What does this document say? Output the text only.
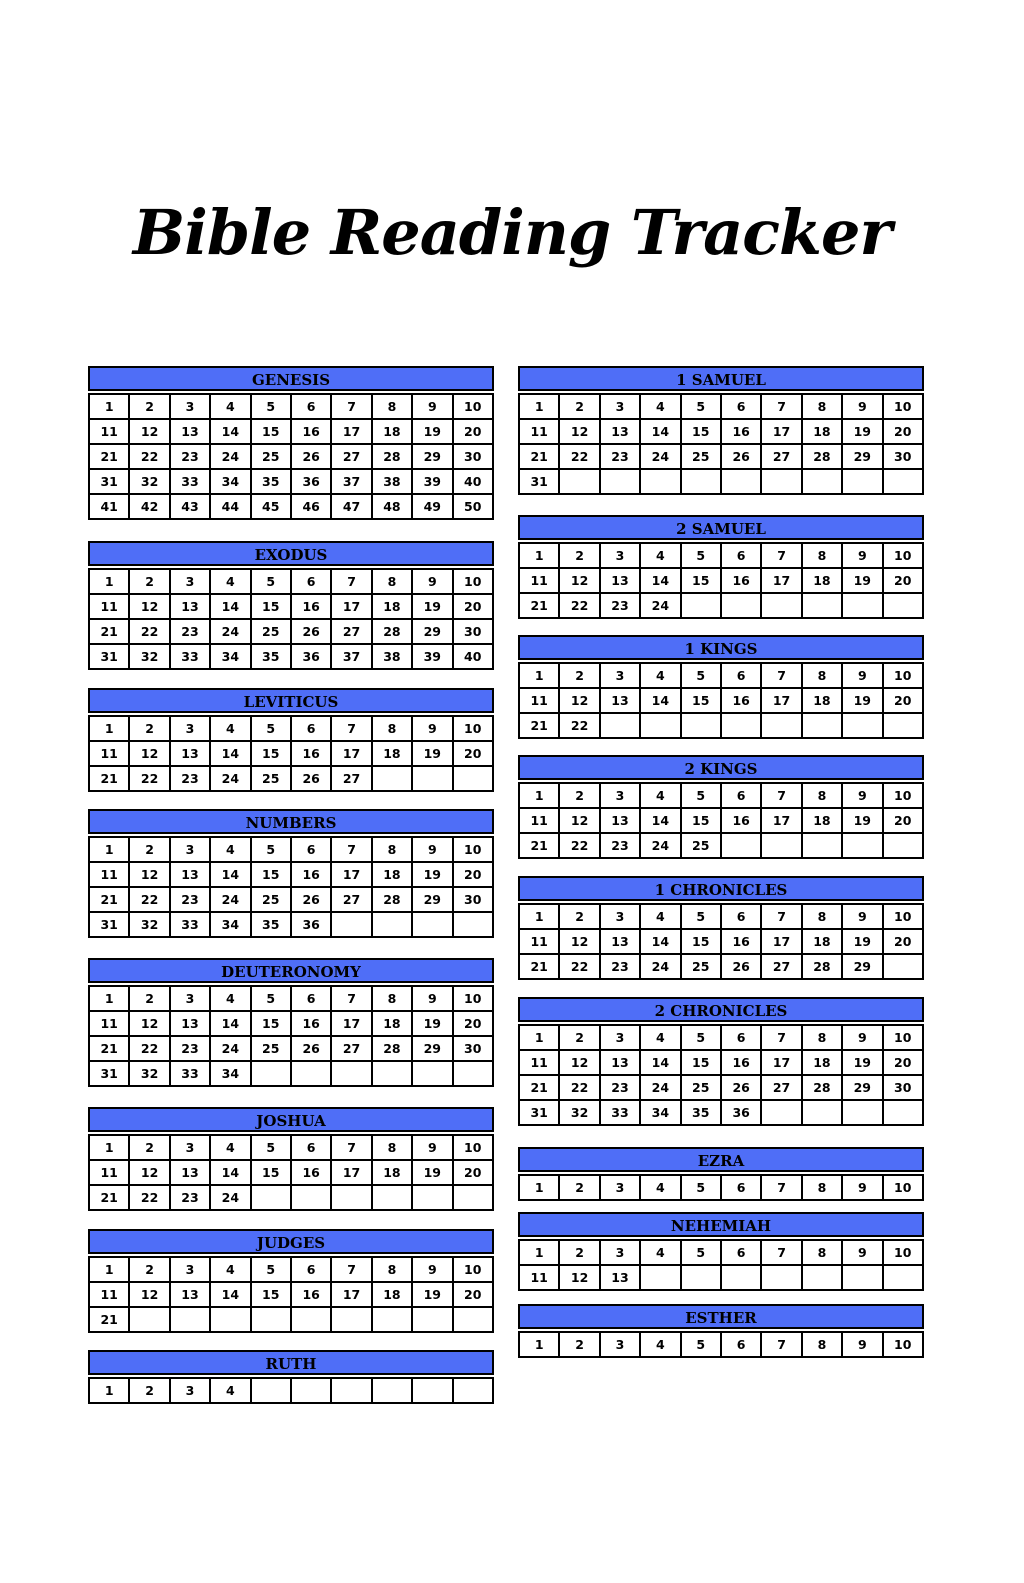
Bible Reading Tracker
GENESIS
1	2	3	4	5	6	7	8	9	10
11	12	13	14	15	16	17	18	19	20
21	22	23	24	25	26	27	28	29	30
31	32	33	34	35	36	37	38	39	40
41	42	43	44	45	46	47	48	49	50
EXODUS
1	2	3	4	5	6	7	8	9	10
11	12	13	14	15	16	17	18	19	20
21	22	23	24	25	26	27	28	29	30
31	32	33	34	35	36	37	38	39	40
LEVITICUS
1	2	3	4	5	6	7	8	9	10
11	12	13	14	15	16	17	18	19	20
21	22	23	24	25	26	27			
NUMBERS
1	2	3	4	5	6	7	8	9	10
11	12	13	14	15	16	17	18	19	20
21	22	23	24	25	26	27	28	29	30
31	32	33	34	35	36				
DEUTERONOMY
1	2	3	4	5	6	7	8	9	10
11	12	13	14	15	16	17	18	19	20
21	22	23	24	25	26	27	28	29	30
31	32	33	34						
JOSHUA
1	2	3	4	5	6	7	8	9	10
11	12	13	14	15	16	17	18	19	20
21	22	23	24						
JUDGES
1	2	3	4	5	6	7	8	9	10
11	12	13	14	15	16	17	18	19	20
21									
RUTH
1	2	3	4						
1 SAMUEL
1	2	3	4	5	6	7	8	9	10
11	12	13	14	15	16	17	18	19	20
21	22	23	24	25	26	27	28	29	30
31									
2 SAMUEL
1	2	3	4	5	6	7	8	9	10
11	12	13	14	15	16	17	18	19	20
21	22	23	24						
1 KINGS
1	2	3	4	5	6	7	8	9	10
11	12	13	14	15	16	17	18	19	20
21	22								
2 KINGS
1	2	3	4	5	6	7	8	9	10
11	12	13	14	15	16	17	18	19	20
21	22	23	24	25					
1 CHRONICLES
1	2	3	4	5	6	7	8	9	10
11	12	13	14	15	16	17	18	19	20
21	22	23	24	25	26	27	28	29	
2 CHRONICLES
1	2	3	4	5	6	7	8	9	10
11	12	13	14	15	16	17	18	19	20
21	22	23	24	25	26	27	28	29	30
31	32	33	34	35	36				
EZRA
1	2	3	4	5	6	7	8	9	10
NEHEMIAH
1	2	3	4	5	6	7	8	9	10
11	12	13							
ESTHER
1	2	3	4	5	6	7	8	9	10
